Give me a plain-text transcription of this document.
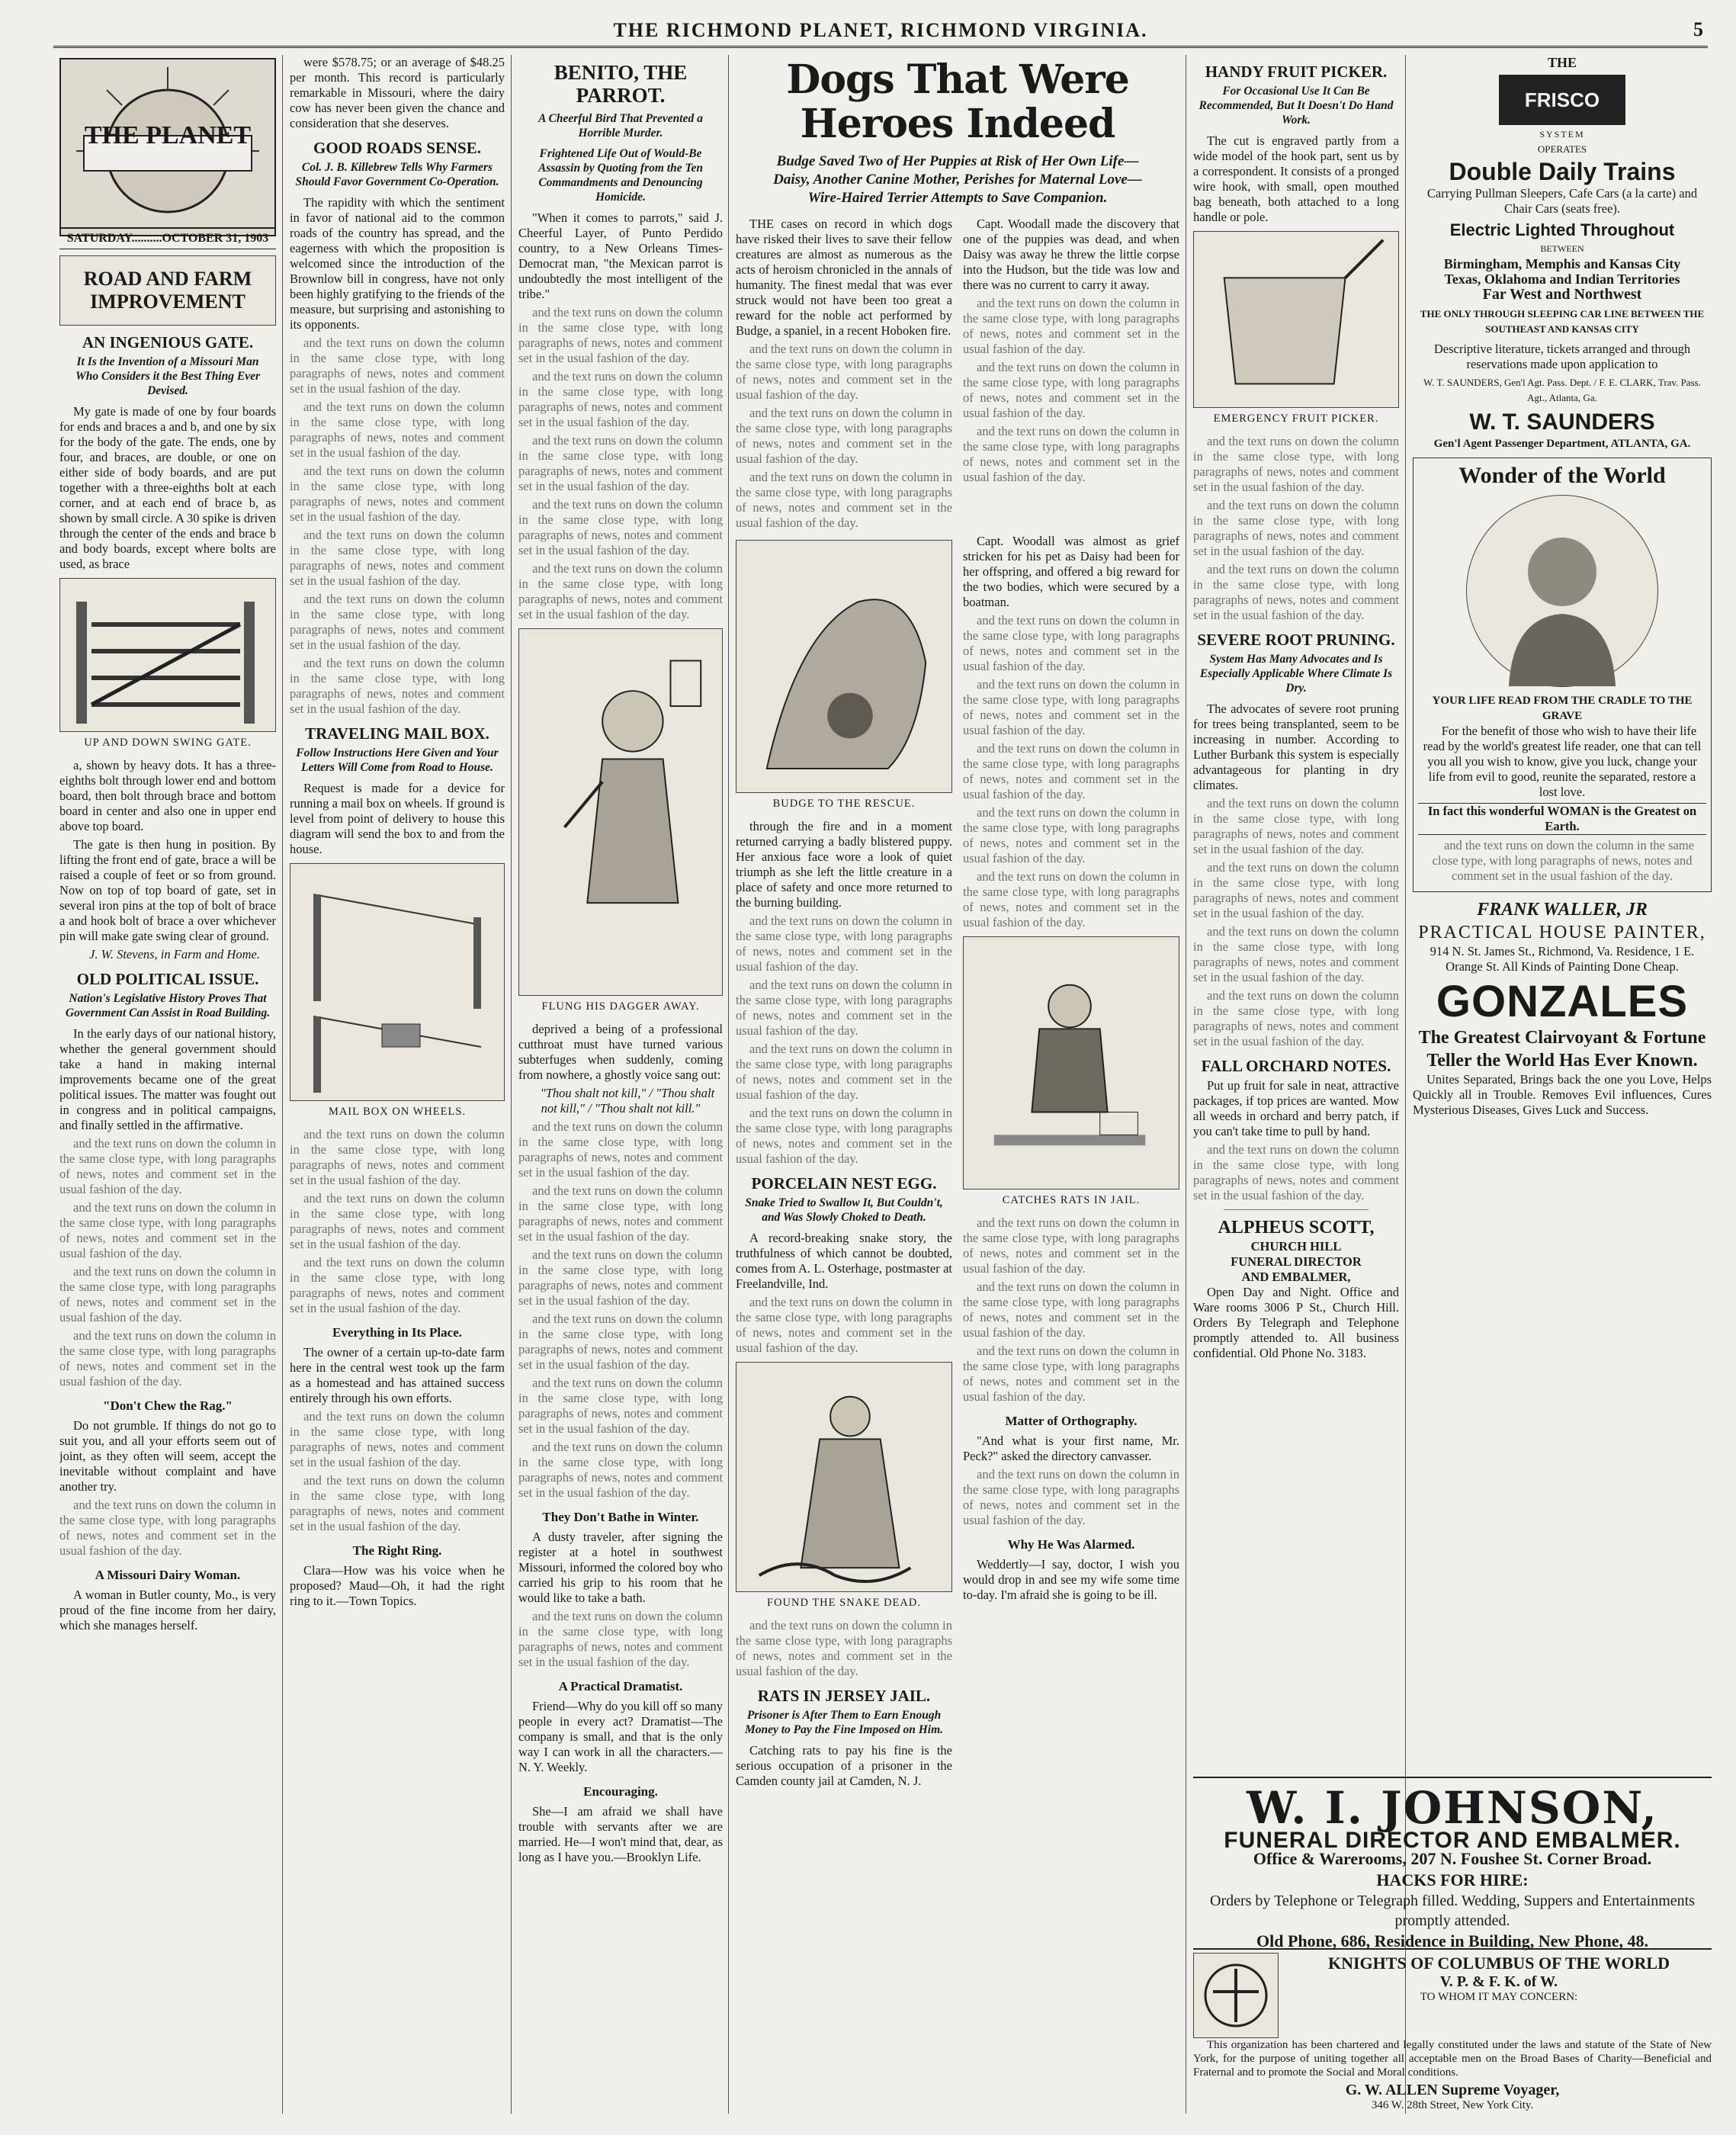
THE RICHMOND PLANET, RICHMOND VIRGINIA.	5
THE PLANET
SATURDAY..........OCTOBER 31, 1903
ROAD AND FARM IMPROVEMENT
AN INGENIOUS GATE.
It Is the Invention of a Missouri Man Who Considers it the Best Thing Ever Devised.

My gate is made of one by four boards for ends and braces a and b, and one by six for the body of the gate. The ends, one by four, and braces, are double, or one on either side of body boards, and are put together with a three-eighths bolt at each corner, and at each end of brace b, as shown by small circle. A 30 spike is driven through the center of the ends and brace b and body boards, except where bolts are used, as brace

UP AND DOWN SWING GATE.

a, shown by heavy dots. It has a three-eighths bolt through lower end and bottom board, then bolt through brace and bottom board in center and also one in upper end above top board.

The gate is then hung in position. By lifting the front end of gate, brace a will be raised a couple of feet or so from ground. Now on top of top board of gate, set in several iron pins at the top of bolt of brace a and hook bolt of brace a over whichever pin will make gate swing clear of ground.

J. W. Stevens, in Farm and Home.

OLD POLITICAL ISSUE.
Nation's Legislative History Proves That Government Can Assist in Road Building.

In the early days of our national history, whether the general government should take a hand in making internal improvements became one of the great political issues. The matter was fought out in congress and in political campaigns, and finally settled in the affirmative.

and the text runs on down the column in the same close type, with long paragraphs of news, notes and comment set in the usual fashion of the day.

and the text runs on down the column in the same close type, with long paragraphs of news, notes and comment set in the usual fashion of the day.

and the text runs on down the column in the same close type, with long paragraphs of news, notes and comment set in the usual fashion of the day.

and the text runs on down the column in the same close type, with long paragraphs of news, notes and comment set in the usual fashion of the day.

"Don't Chew the Rag."

Do not grumble. If things do not go to suit you, and all your efforts seem out of joint, as they often will seem, accept the inevitable without complaint and have another try.

and the text runs on down the column in the same close type, with long paragraphs of news, notes and comment set in the usual fashion of the day.

A Missouri Dairy Woman.

A woman in Butler county, Mo., is very proud of the fine income from her dairy, which she manages herself.

were $578.75; or an average of $48.25 per month. This record is particularly remarkable in Missouri, where the dairy cow has never been given the chance and consideration that she deserves.

GOOD ROADS SENSE.
Col. J. B. Killebrew Tells Why Farmers Should Favor Government Co-Operation.

The rapidity with which the sentiment in favor of national aid to the common roads of the country has spread, and the eagerness with which the proposition is welcomed since the introduction of the Brownlow bill in congress, have not only been highly gratifying to the friends of the measure, but surprising and astonishing to its opponents.

and the text runs on down the column in the same close type, with long paragraphs of news, notes and comment set in the usual fashion of the day.

and the text runs on down the column in the same close type, with long paragraphs of news, notes and comment set in the usual fashion of the day.

and the text runs on down the column in the same close type, with long paragraphs of news, notes and comment set in the usual fashion of the day.

and the text runs on down the column in the same close type, with long paragraphs of news, notes and comment set in the usual fashion of the day.

and the text runs on down the column in the same close type, with long paragraphs of news, notes and comment set in the usual fashion of the day.

and the text runs on down the column in the same close type, with long paragraphs of news, notes and comment set in the usual fashion of the day.

TRAVELING MAIL BOX.
Follow Instructions Here Given and Your Letters Will Come from Road to House.

Request is made for a device for running a mail box on wheels. If ground is level from point of delivery to house this diagram will send the box to and from the house.

MAIL BOX ON WHEELS.

and the text runs on down the column in the same close type, with long paragraphs of news, notes and comment set in the usual fashion of the day.

and the text runs on down the column in the same close type, with long paragraphs of news, notes and comment set in the usual fashion of the day.

and the text runs on down the column in the same close type, with long paragraphs of news, notes and comment set in the usual fashion of the day.

Everything in Its Place.

The owner of a certain up-to-date farm here in the central west took up the farm as a homestead and has attained success entirely through his own efforts.

and the text runs on down the column in the same close type, with long paragraphs of news, notes and comment set in the usual fashion of the day.

and the text runs on down the column in the same close type, with long paragraphs of news, notes and comment set in the usual fashion of the day.

The Right Ring.

Clara—How was his voice when he proposed? Maud—Oh, it had the right ring to it.—Town Topics.

BENITO, THE PARROT.
A Cheerful Bird That Prevented a Horrible Murder.
Frightened Life Out of Would-Be Assassin by Quoting from the Ten Commandments and Denouncing Homicide.

"When it comes to parrots," said J. Cheerful Layer, of Punto Perdido country, to a New Orleans Times-Democrat man, "the Mexican parrot is undoubtedly the most intelligent of the tribe."

and the text runs on down the column in the same close type, with long paragraphs of news, notes and comment set in the usual fashion of the day.

and the text runs on down the column in the same close type, with long paragraphs of news, notes and comment set in the usual fashion of the day.

and the text runs on down the column in the same close type, with long paragraphs of news, notes and comment set in the usual fashion of the day.

and the text runs on down the column in the same close type, with long paragraphs of news, notes and comment set in the usual fashion of the day.

and the text runs on down the column in the same close type, with long paragraphs of news, notes and comment set in the usual fashion of the day.

FLUNG HIS DAGGER AWAY.

deprived a being of a professional cutthroat must have turned various subterfuges when suddenly, coming from nowhere, a ghostly voice sang out:

"Thou shalt not kill," / "Thou shalt not kill," / "Thou shalt not kill."

and the text runs on down the column in the same close type, with long paragraphs of news, notes and comment set in the usual fashion of the day.

and the text runs on down the column in the same close type, with long paragraphs of news, notes and comment set in the usual fashion of the day.

and the text runs on down the column in the same close type, with long paragraphs of news, notes and comment set in the usual fashion of the day.

and the text runs on down the column in the same close type, with long paragraphs of news, notes and comment set in the usual fashion of the day.

and the text runs on down the column in the same close type, with long paragraphs of news, notes and comment set in the usual fashion of the day.

and the text runs on down the column in the same close type, with long paragraphs of news, notes and comment set in the usual fashion of the day.

They Don't Bathe in Winter.

A dusty traveler, after signing the register at a hotel in southwest Missouri, informed the colored boy who carried his grip to his room that he would like to take a bath.

and the text runs on down the column in the same close type, with long paragraphs of news, notes and comment set in the usual fashion of the day.

A Practical Dramatist.

Friend—Why do you kill off so many people in every act? Dramatist—The company is small, and that is the only way I can work in all the characters.—N. Y. Weekly.

Encouraging.

She—I am afraid we shall have trouble with servants after we are married. He—I won't mind that, dear, as long as I have you.—Brooklyn Life.

Dogs That Were Heroes Indeed
Budge Saved Two of Her Puppies at Risk of Her Own Life—Daisy, Another Canine Mother, Perishes for Maternal Love—Wire-Haired Terrier Attempts to Save Companion.

THE cases on record in which dogs have risked their lives to save their fellow creatures are almost as numerous as the acts of heroism chronicled in the annals of humanity. The finest medal that was ever struck would not have been too great a reward for the noble act performed by Budge, a spaniel, in a recent Hoboken fire.

and the text runs on down the column in the same close type, with long paragraphs of news, notes and comment set in the usual fashion of the day.

and the text runs on down the column in the same close type, with long paragraphs of news, notes and comment set in the usual fashion of the day.

and the text runs on down the column in the same close type, with long paragraphs of news, notes and comment set in the usual fashion of the day.

Capt. Woodall made the discovery that one of the puppies was dead, and when Daisy was away he threw the little corpse into the Hudson, but the tide was low and there was no current to carry it away.

and the text runs on down the column in the same close type, with long paragraphs of news, notes and comment set in the usual fashion of the day.

and the text runs on down the column in the same close type, with long paragraphs of news, notes and comment set in the usual fashion of the day.

and the text runs on down the column in the same close type, with long paragraphs of news, notes and comment set in the usual fashion of the day.

BUDGE TO THE RESCUE.

through the fire and in a moment returned carrying a badly blistered puppy. Her anxious face wore a look of quiet triumph as she left the little creature in a place of safety and once more returned to the burning building.

and the text runs on down the column in the same close type, with long paragraphs of news, notes and comment set in the usual fashion of the day.

and the text runs on down the column in the same close type, with long paragraphs of news, notes and comment set in the usual fashion of the day.

and the text runs on down the column in the same close type, with long paragraphs of news, notes and comment set in the usual fashion of the day.

and the text runs on down the column in the same close type, with long paragraphs of news, notes and comment set in the usual fashion of the day.

PORCELAIN NEST EGG.
Snake Tried to Swallow It, But Couldn't, and Was Slowly Choked to Death.

A record-breaking snake story, the truthfulness of which cannot be doubted, comes from A. L. Osterhage, postmaster at Freelandville, Ind.

and the text runs on down the column in the same close type, with long paragraphs of news, notes and comment set in the usual fashion of the day.

FOUND THE SNAKE DEAD.

and the text runs on down the column in the same close type, with long paragraphs of news, notes and comment set in the usual fashion of the day.

RATS IN JERSEY JAIL.
Prisoner is After Them to Earn Enough Money to Pay the Fine Imposed on Him.

Catching rats to pay his fine is the serious occupation of a prisoner in the Camden county jail at Camden, N. J.

Capt. Woodall was almost as grief stricken for his pet as Daisy had been for her offspring, and offered a big reward for the two bodies, which were secured by a boatman.

and the text runs on down the column in the same close type, with long paragraphs of news, notes and comment set in the usual fashion of the day.

and the text runs on down the column in the same close type, with long paragraphs of news, notes and comment set in the usual fashion of the day.

and the text runs on down the column in the same close type, with long paragraphs of news, notes and comment set in the usual fashion of the day.

and the text runs on down the column in the same close type, with long paragraphs of news, notes and comment set in the usual fashion of the day.

and the text runs on down the column in the same close type, with long paragraphs of news, notes and comment set in the usual fashion of the day.

CATCHES RATS IN JAIL.

and the text runs on down the column in the same close type, with long paragraphs of news, notes and comment set in the usual fashion of the day.

and the text runs on down the column in the same close type, with long paragraphs of news, notes and comment set in the usual fashion of the day.

and the text runs on down the column in the same close type, with long paragraphs of news, notes and comment set in the usual fashion of the day.

Matter of Orthography.

"And what is your first name, Mr. Peck?" asked the directory canvasser.

and the text runs on down the column in the same close type, with long paragraphs of news, notes and comment set in the usual fashion of the day.

Why He Was Alarmed.

Weddertly—I say, doctor, I wish you would drop in and see my wife some time to-day. I'm afraid she is going to be ill.

HANDY FRUIT PICKER.
For Occasional Use It Can Be Recommended, But It Doesn't Do Hand Work.

The cut is engraved partly from a wide model of the hook part, sent us by a correspondent. It consists of a pronged wire hook, with small, open mouthed bag beneath, both attached to a long handle or pole.

EMERGENCY FRUIT PICKER.

and the text runs on down the column in the same close type, with long paragraphs of news, notes and comment set in the usual fashion of the day.

and the text runs on down the column in the same close type, with long paragraphs of news, notes and comment set in the usual fashion of the day.

and the text runs on down the column in the same close type, with long paragraphs of news, notes and comment set in the usual fashion of the day.

SEVERE ROOT PRUNING.
System Has Many Advocates and Is Especially Applicable Where Climate Is Dry.

The advocates of severe root pruning for trees being transplanted, seem to be increasing in number. According to Luther Burbank this system is especially advantageous for planting in dry climates.

and the text runs on down the column in the same close type, with long paragraphs of news, notes and comment set in the usual fashion of the day.

and the text runs on down the column in the same close type, with long paragraphs of news, notes and comment set in the usual fashion of the day.

and the text runs on down the column in the same close type, with long paragraphs of news, notes and comment set in the usual fashion of the day.

and the text runs on down the column in the same close type, with long paragraphs of news, notes and comment set in the usual fashion of the day.

FALL ORCHARD NOTES.

Put up fruit for sale in neat, attractive packages, if top prices are wanted. Mow all weeds in orchard and berry patch, if you can't take time to pull by hand.

and the text runs on down the column in the same close type, with long paragraphs of news, notes and comment set in the usual fashion of the day.

ALPHEUS SCOTT,
CHURCH HILL
FUNERAL DIRECTOR
AND EMBALMER,

Open Day and Night. Office and Ware rooms 3006 P St., Church Hill. Orders By Telegraph and Telephone promptly attended to. All business confidential. Old Phone No. 3183.

THE
FRISCO
SYSTEM
OPERATES
Double Daily Trains

Carrying Pullman Sleepers, Cafe Cars (a la carte) and Chair Cars (seats free).

Electric Lighted Throughout
BETWEEN
Birmingham, Memphis and Kansas City
Texas, Oklahoma and Indian Territories
Far West and Northwest
THE ONLY THROUGH SLEEPING CAR LINE BETWEEN THE SOUTHEAST AND KANSAS CITY

Descriptive literature, tickets arranged and through reservations made upon application to

W. T. SAUNDERS, Gen'l Agt. Pass. Dept. / F. E. CLARK, Trav. Pass. Agt., Atlanta, Ga.

W. T. SAUNDERS
Gen'l Agent Passenger Department, ATLANTA, GA.
Wonder of the World
YOUR LIFE READ FROM THE CRADLE TO THE GRAVE

For the benefit of those who wish to have their life read by the world's greatest life reader, one that can tell you all you wish to know, give you luck, change your life from evil to good, reunite the separated, restore a lost love.

In fact this wonderful WOMAN is the Greatest on Earth.

and the text runs on down the column in the same close type, with long paragraphs of news, notes and comment set in the usual fashion of the day.

FRANK WALLER, JR
PRACTICAL HOUSE PAINTER,

914 N. St. James St., Richmond, Va. Residence, 1 E. Orange St. All Kinds of Painting Done Cheap.

GONZALES
The Greatest Clairvoyant & Fortune Teller the World Has Ever Known.

Unites Separated, Brings back the one you Love, Helps Quickly all in Trouble. Removes Evil influences, Cures Mysterious Diseases, Gives Luck and Success.

W. I. JOHNSON,
FUNERAL DIRECTOR AND EMBALMER.
Office & Warerooms, 207 N. Foushee St. Corner Broad.
HACKS FOR HIRE:
Orders by Telephone or Telegraph filled. Wedding, Suppers and Entertainments promptly attended.
Old Phone, 686, Residence in Building, New Phone, 48.
KNIGHTS OF COLUMBUS OF THE WORLD
V. P. & F. K. of W.
TO WHOM IT MAY CONCERN:

This organization has been chartered and legally constituted under the laws and statute of the State of New York, for the purpose of uniting together all acceptable men on the Broad Bases of Charity—Beneficial and Fraternal and to promote the Social and Moral conditions.

G. W. ALLEN Supreme Voyager,
346 W. 28th Street, New York City.
